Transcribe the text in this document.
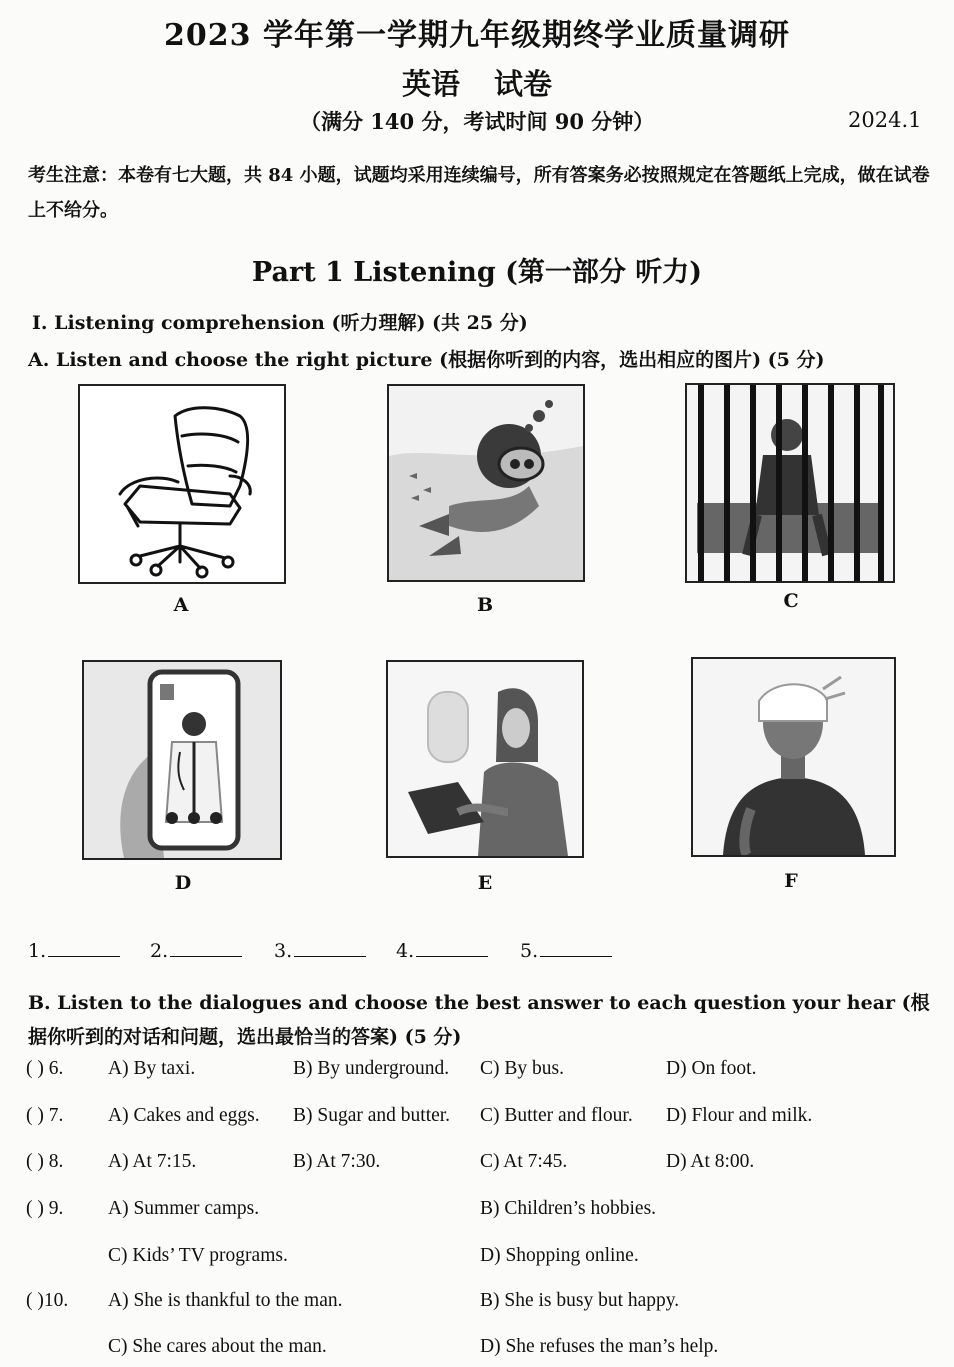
2023 学年第一学期九年级期终学业质量调研
英语 试卷
（满分 140 分，考试时间 90 分钟）	2024.1
考生注意：本卷有七大题，共 84 小题，试题均采用连续编号，所有答案务必按照规定在答题纸上完成，做在试卷上不给分。
Part 1 Listening (第一部分 听力)
Ⅰ. Listening comprehension (听力理解) (共 25 分)
A. Listen and choose the right picture (根据你听到的内容，选出相应的图片) (5 分)
A	B	C
D	E	F
1.	2.	3.	4.	5.
B. Listen to the dialogues and choose the best answer to each question your hear (根据你听到的对话和问题，选出最恰当的答案) (5 分)
( ) 6. A) By taxi.	B) By underground. C) By bus.	D) On foot.
( ) 7. A) Cakes and eggs. B) Sugar and butter. C) Butter and flour. D) Flour and milk.
( ) 8. A) At 7:15.	B) At 7:30.	C) At 7:45.	D) At 8:00.
( ) 9. A) Summer camps.	B) Children’s hobbies.
C) Kids’ TV programs.	D) Shopping online.
( )10. A) She is thankful to the man.	B) She is busy but happy.
C) She cares about the man.	D) She refuses the man’s help.
